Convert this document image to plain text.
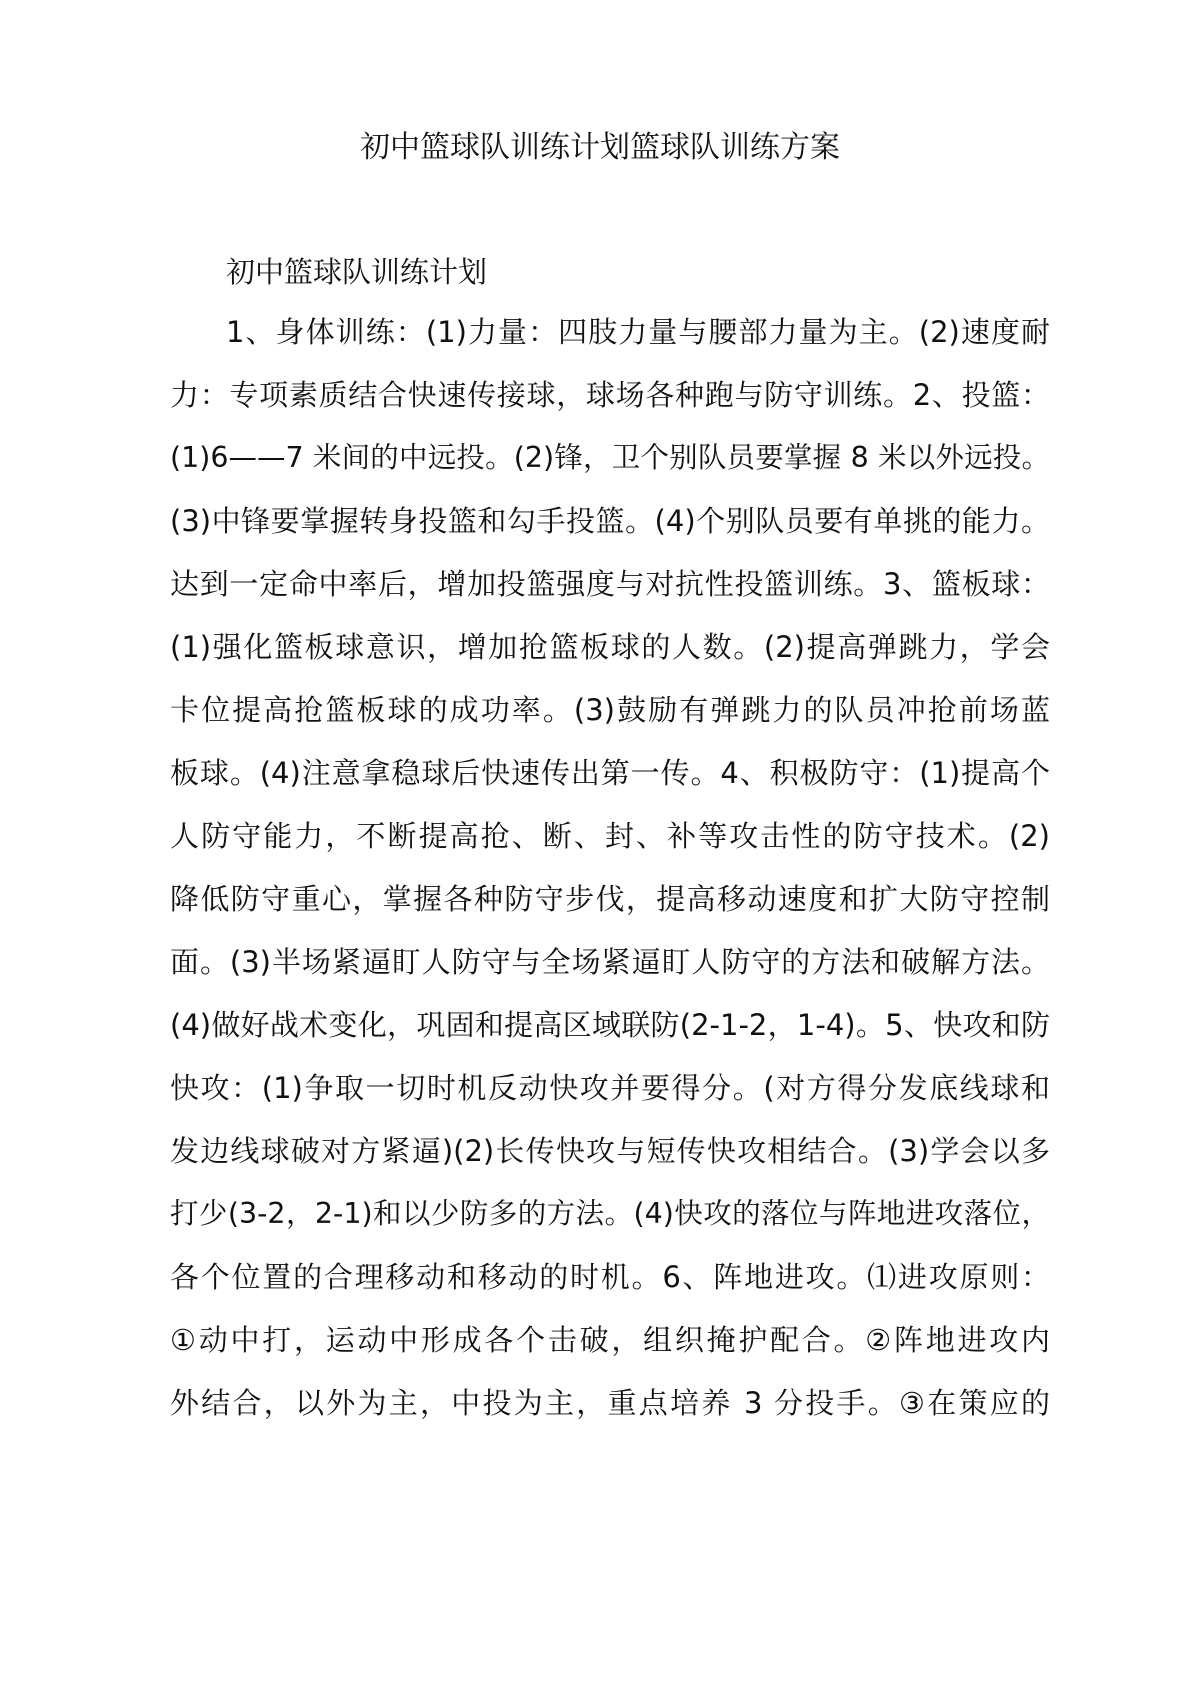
初中篮球队训练计划篮球队训练方案

初中篮球队训练计划

1、身体训练：(1)力量：四肢力量与腰部力量为主。(2)速度耐
力：专项素质结合快速传接球，球场各种跑与防守训练。2、投篮：
(1)6——7 米间的中远投。(2)锋，卫个别队员要掌握 8 米以外远投。
(3)中锋要掌握转身投篮和勾手投篮。(4)个别队员要有单挑的能力。
达到一定命中率后，增加投篮强度与对抗性投篮训练。3、篮板球：
(1)强化篮板球意识，增加抢篮板球的人数。(2)提高弹跳力，学会
卡位提高抢篮板球的成功率。(3)鼓励有弹跳力的队员冲抢前场蓝
板球。(4)注意拿稳球后快速传出第一传。4、积极防守：(1)提高个
人防守能力，不断提高抢、断、封、补等攻击性的防守技术。(2)
降低防守重心，掌握各种防守步伐，提高移动速度和扩大防守控制
面。(3)半场紧逼盯人防守与全场紧逼盯人防守的方法和破解方法。
(4)做好战术变化，巩固和提高区域联防(2-1-2，1-4)。5、快攻和防
快攻：(1)争取一切时机反动快攻并要得分。(对方得分发底线球和
发边线球破对方紧逼)(2)长传快攻与短传快攻相结合。(3)学会以多
打少(3-2，2-1)和以少防多的方法。(4)快攻的落位与阵地进攻落位，
各个位置的合理移动和移动的时机。6、阵地进攻。⑴进攻原则：
①动中打，运动中形成各个击破，组织掩护配合。②阵地进攻内
外结合，以外为主，中投为主，重点培养 3 分投手。③在策应的
